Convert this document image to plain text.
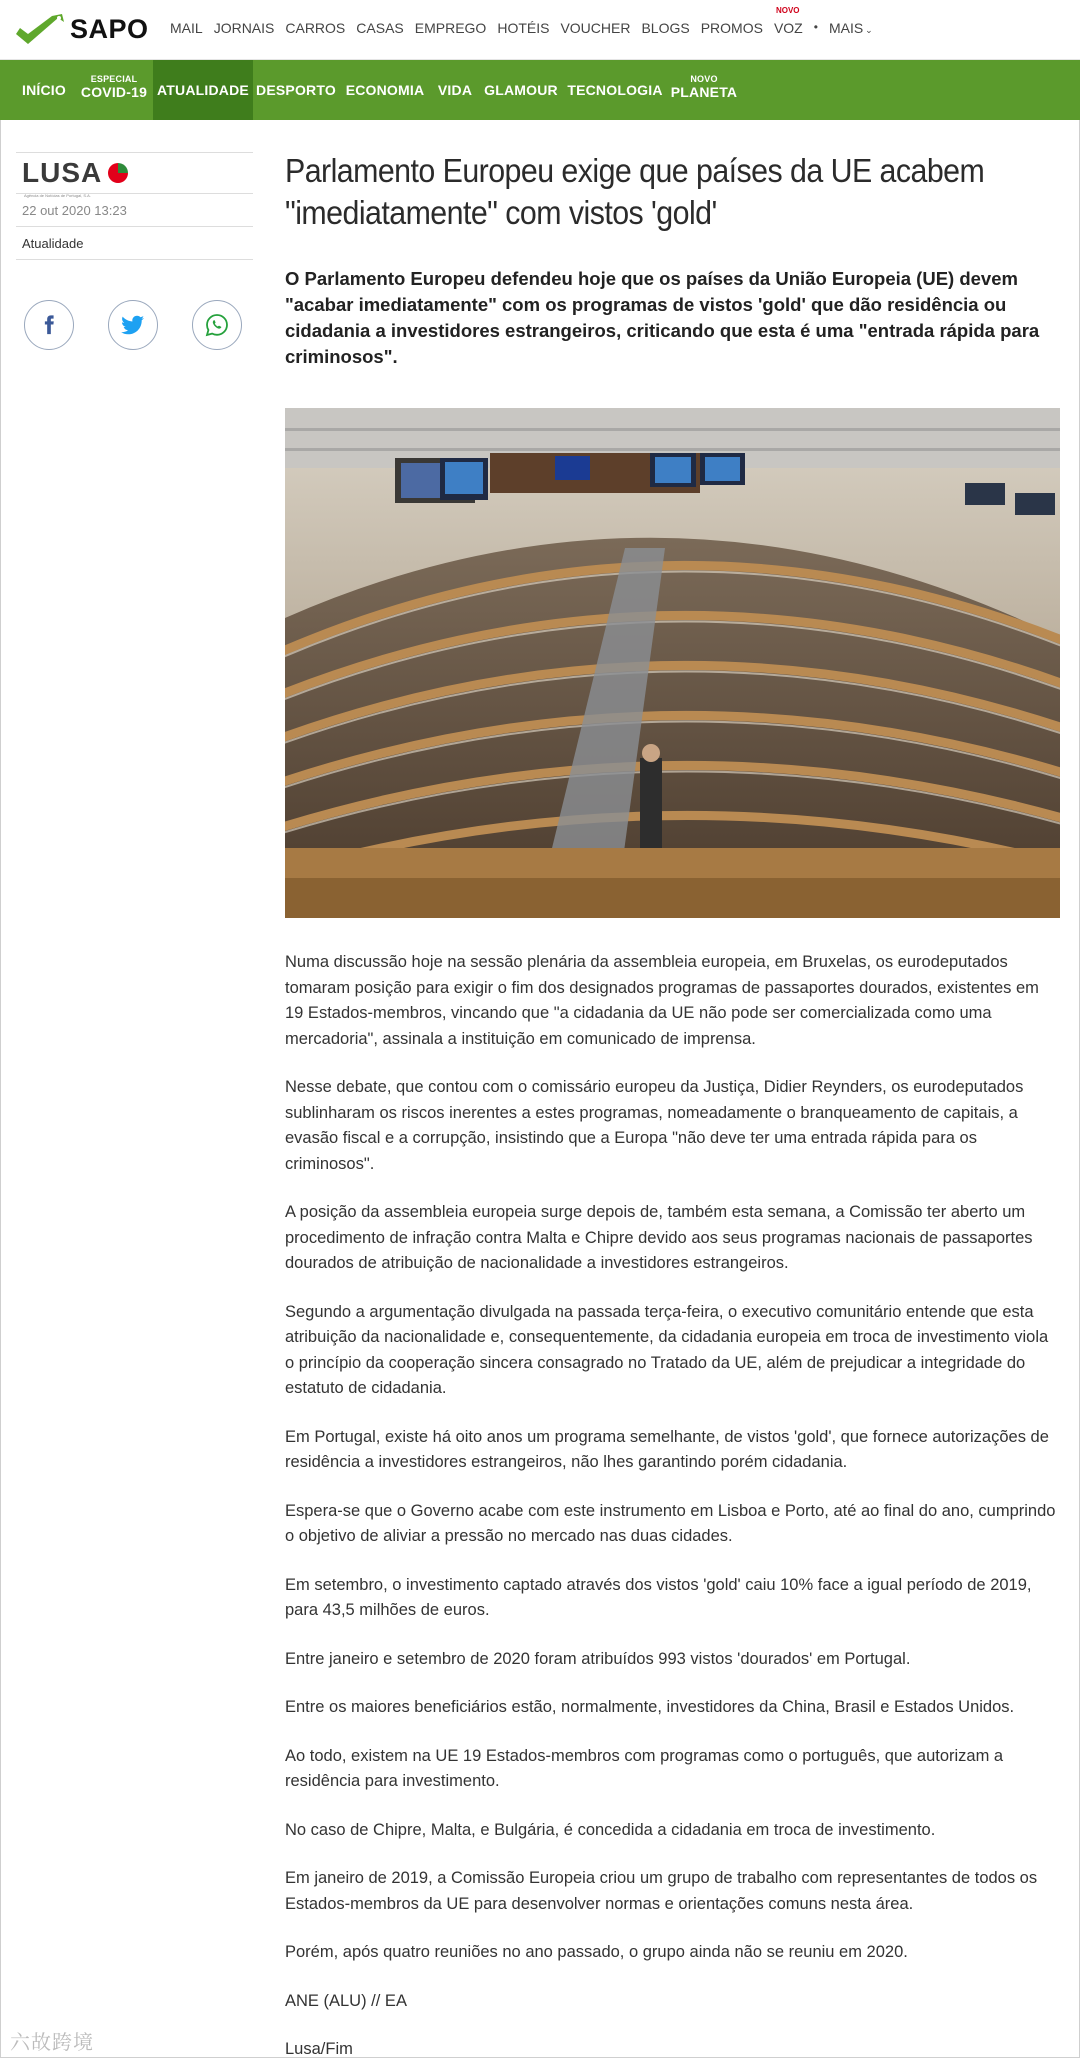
SAPO MAIL JORNAIS CARROS CASAS EMPREGO HOTÉIS VOUCHER BLOGS PROMOS
NOVO
VOZ • MAIS ⌄
INÍCIO
ESPECIAL
COVID-19 ATUALIDADE DESPORTO ECONOMIA VIDA GLAMOUR TECNOLOGIA
NOVO
PLANETA
LUSA
Agência de Notícias de Portugal, S.A.
22 out 2020 13:23
Atualidade
Parlamento Europeu exige que países da UE acabem "imediatamente" com vistos 'gold'

O Parlamento Europeu defendeu hoje que os países da União Europeia (UE) devem "acabar imediatamente" com os programas de vistos 'gold' que dão residência ou cidadania a investidores estrangeiros, criticando que esta é uma "entrada rápida para criminosos".

Numa discussão hoje na sessão plenária da assembleia europeia, em Bruxelas, os eurodeputados tomaram posição para exigir o fim dos designados programas de passaportes dourados, existentes em 19 Estados-membros, vincando que "a cidadania da UE não pode ser comercializada como uma mercadoria", assinala a instituição em comunicado de imprensa.

Nesse debate, que contou com o comissário europeu da Justiça, Didier Reynders, os eurodeputados sublinharam os riscos inerentes a estes programas, nomeadamente o branqueamento de capitais, a evasão fiscal e a corrupção, insistindo que a Europa "não deve ter uma entrada rápida para os criminosos".

A posição da assembleia europeia surge depois de, também esta semana, a Comissão ter aberto um procedimento de infração contra Malta e Chipre devido aos seus programas nacionais de passaportes dourados de atribuição de nacionalidade a investidores estrangeiros.

Segundo a argumentação divulgada na passada terça-feira, o executivo comunitário entende que esta atribuição da nacionalidade e, consequentemente, da cidadania europeia em troca de investimento viola o princípio da cooperação sincera consagrado no Tratado da UE, além de prejudicar a integridade do estatuto de cidadania.

Em Portugal, existe há oito anos um programa semelhante, de vistos 'gold', que fornece autorizações de residência a investidores estrangeiros, não lhes garantindo porém cidadania.

Espera-se que o Governo acabe com este instrumento em Lisboa e Porto, até ao final do ano, cumprindo o objetivo de aliviar a pressão no mercado nas duas cidades.

Em setembro, o investimento captado através dos vistos 'gold' caiu 10% face a igual período de 2019, para 43,5 milhões de euros.

Entre janeiro e setembro de 2020 foram atribuídos 993 vistos 'dourados' em Portugal.

Entre os maiores beneficiários estão, normalmente, investidores da China, Brasil e Estados Unidos.

Ao todo, existem na UE 19 Estados-membros com programas como o português, que autorizam a residência para investimento.

No caso de Chipre, Malta, e Bulgária, é concedida a cidadania em troca de investimento.

Em janeiro de 2019, a Comissão Europeia criou um grupo de trabalho com representantes de todos os Estados-membros da UE para desenvolver normas e orientações comuns nesta área.

Porém, após quatro reuniões no ano passado, o grupo ainda não se reuniu em 2020.

ANE (ALU) // EA

Lusa/Fim

六故跨境
